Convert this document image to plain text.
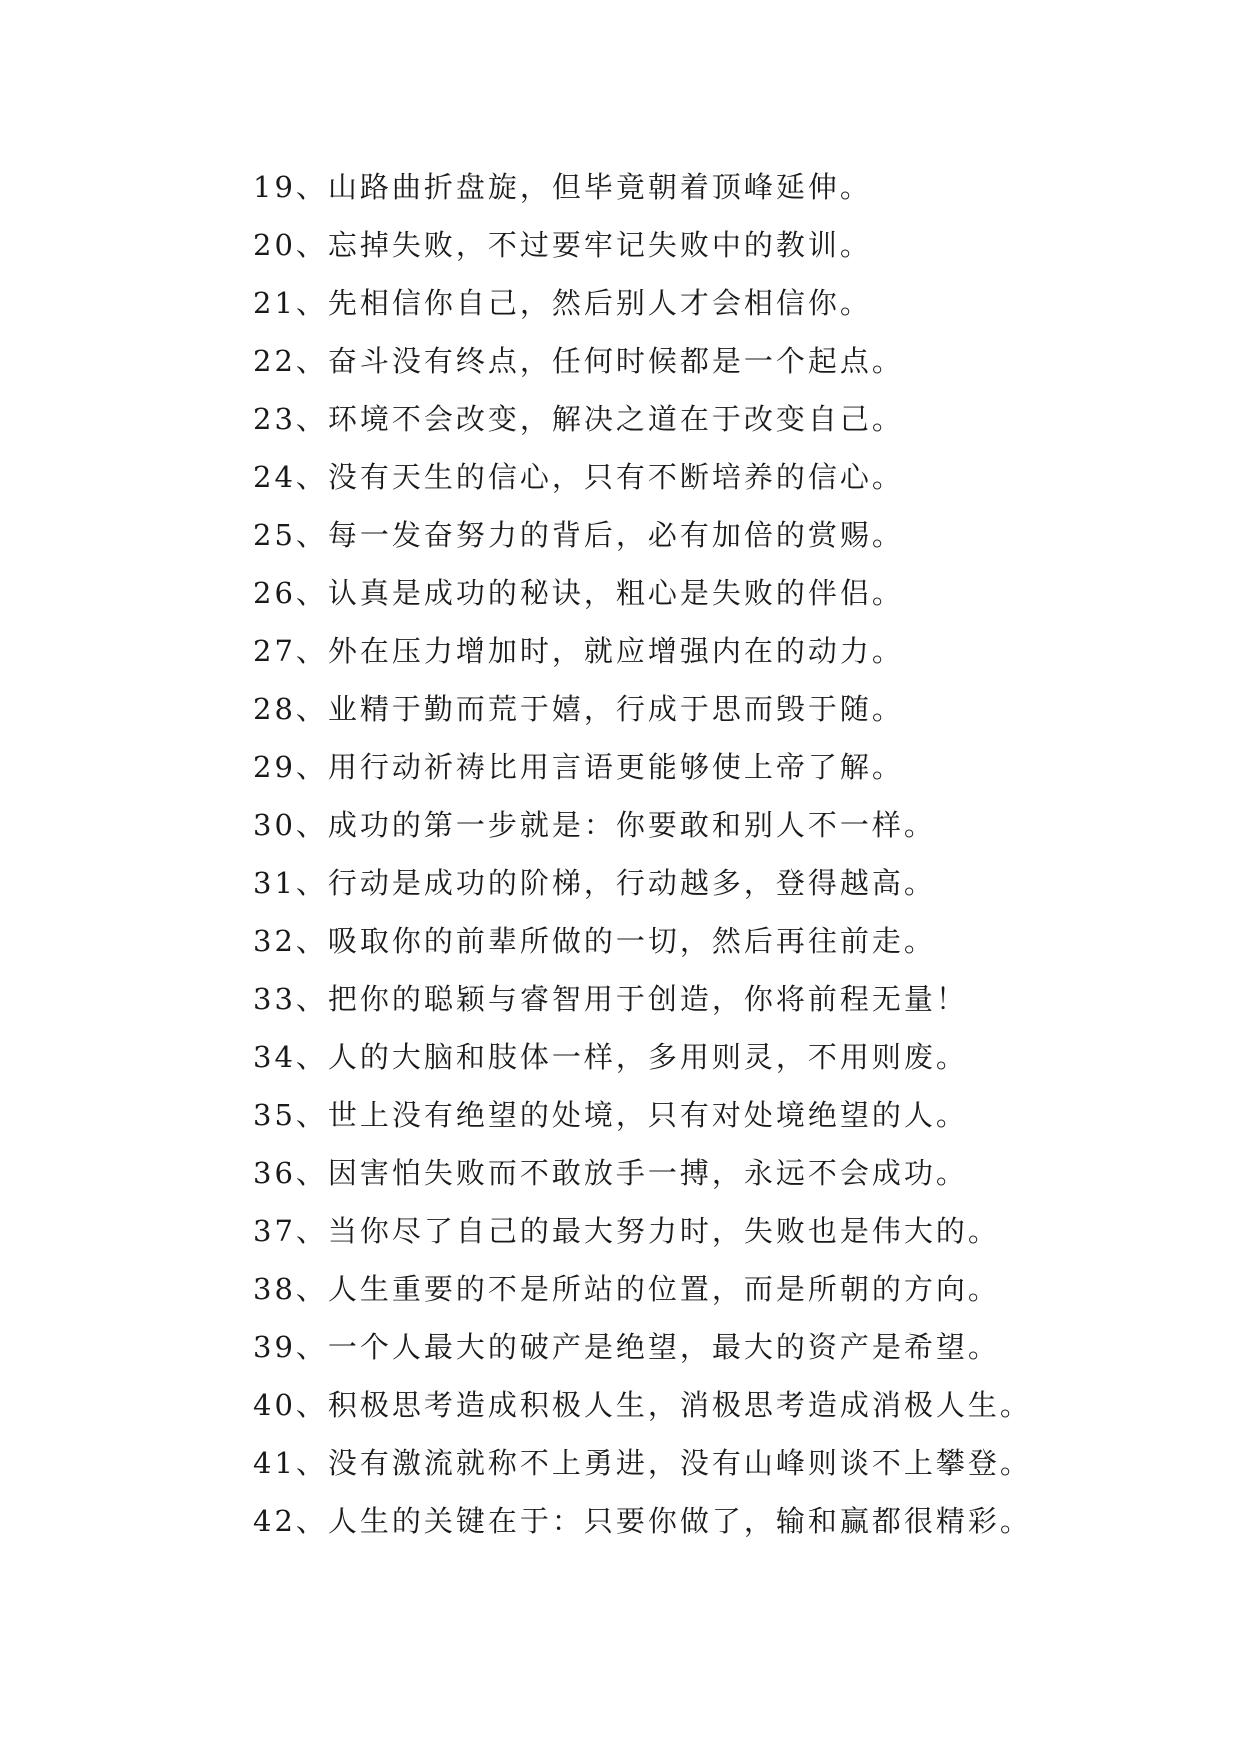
19、山路曲折盘旋，但毕竟朝着顶峰延伸。
20、忘掉失败，不过要牢记失败中的教训。
21、先相信你自己，然后别人才会相信你。
22、奋斗没有终点，任何时候都是一个起点。
23、环境不会改变，解决之道在于改变自己。
24、没有天生的信心，只有不断培养的信心。
25、每一发奋努力的背后，必有加倍的赏赐。
26、认真是成功的秘诀，粗心是失败的伴侣。
27、外在压力增加时，就应增强内在的动力。
28、业精于勤而荒于嬉，行成于思而毁于随。
29、用行动祈祷比用言语更能够使上帝了解。
30、成功的第一步就是：你要敢和别人不一样。
31、行动是成功的阶梯，行动越多，登得越高。
32、吸取你的前辈所做的一切，然后再往前走。
33、把你的聪颖与睿智用于创造，你将前程无量！
34、人的大脑和肢体一样，多用则灵，不用则废。
35、世上没有绝望的处境，只有对处境绝望的人。
36、因害怕失败而不敢放手一搏，永远不会成功。
37、当你尽了自己的最大努力时，失败也是伟大的。
38、人生重要的不是所站的位置，而是所朝的方向。
39、一个人最大的破产是绝望，最大的资产是希望。
40、积极思考造成积极人生，消极思考造成消极人生。
41、没有激流就称不上勇进，没有山峰则谈不上攀登。
42、人生的关键在于：只要你做了，输和赢都很精彩。
